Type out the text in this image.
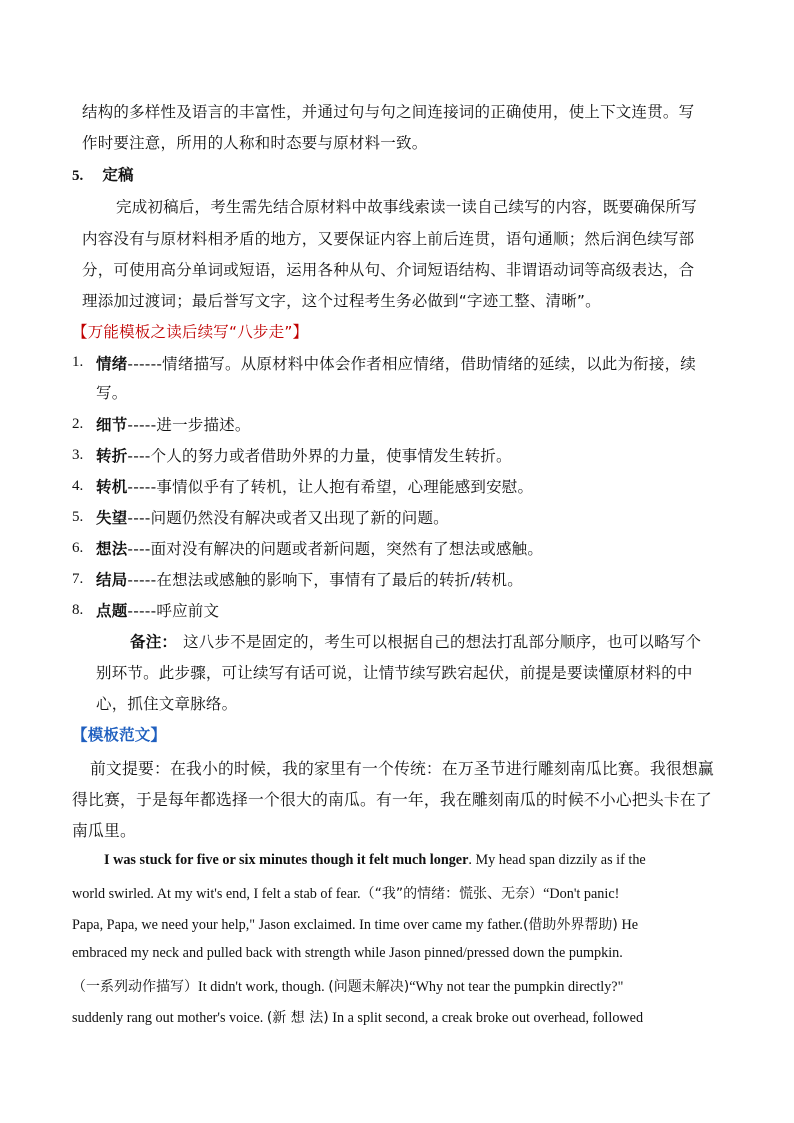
结构的多样性及语言的丰富性，并通过句与句之间连接词的正确使用，使上下文连贯。写
作时要注意，所用的人称和时态要与原材料一致。
5. 定稿
完成初稿后，考生需先结合原材料中故事线索读一读自己续写的内容，既要确保所写
内容没有与原材料相矛盾的地方，又要保证内容上前后连贯，语句通顺；然后润色续写部
分，可使用高分单词或短语，运用各种从句、介词短语结构、非谓语动词等高级表达，合
理添加过渡词；最后誉写文字，这个过程考生务必做到“字迹工整、清晰”。
【万能模板之读后续写“八步走”】
1. 情绪------情绪描写。从原材料中体会作者相应情绪，借助情绪的延续，以此为衔接，续
写。
2. 细节-----进一步描述。
3. 转折----个人的努力或者借助外界的力量，使事情发生转折。
4. 转机-----事情似乎有了转机，让人抱有希望，心理能感到安慰。
5. 失望----问题仍然没有解决或者又出现了新的问题。
6. 想法----面对没有解决的问题或者新问题，突然有了想法或感触。
7. 结局-----在想法或感触的影响下，事情有了最后的转折/转机。
8. 点题-----呼应前文
备注： 这八步不是固定的，考生可以根据自己的想法打乱部分顺序，也可以略写个
别环节。此步骤，可让续写有话可说，让情节续写跌宕起伏，前提是要读懂原材料的中
心，抓住文章脉络。
【模板范文】
前文提要：在我小的时候，我的家里有一个传统：在万圣节进行雕刻南瓜比赛。我很想赢
得比赛，于是每年都选择一个很大的南瓜。有一年，我在雕刻南瓜的时候不小心把头卡在了
南瓜里。
I was stuck for five or six minutes though it felt much longer. My head span dizzily as if the
world swirled. At my wit's end, I felt a stab of fear.（“我”的情绪：慌张、无奈）“Don't panic!
Papa, Papa, we need your help," Jason exclaimed. In time over came my father.(借助外界帮助) He
embraced my neck and pulled back with strength while Jason pinned/pressed down the pumpkin.
（一系列动作描写）It didn't work, though. (问题未解决)“Why not tear the pumpkin directly?"
suddenly rang out mother's voice. (新 想 法) In a split second, a creak broke out overhead, followed
